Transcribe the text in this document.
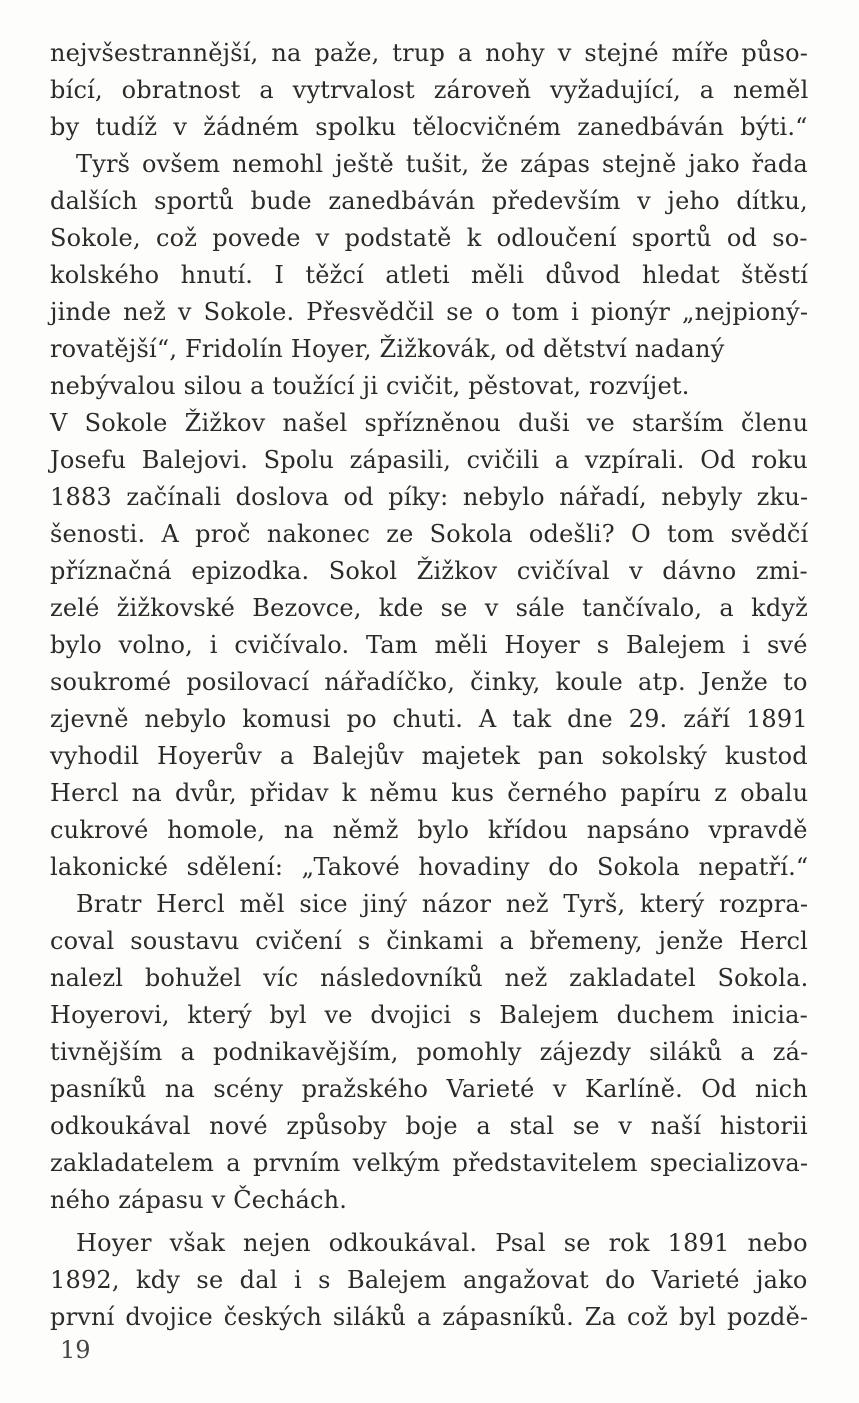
nejvšestrannější, na paže, trup a nohy v stejné míře půso-
bící, obratnost a vytrvalost zároveň vyžadující, a neměl
by tudíž v žádném spolku tělocvičném zanedbáván býti.“
Tyrš ovšem nemohl ještě tušit, že zápas stejně jako řada
dalších sportů bude zanedbáván především v jeho dítku,
Sokole, což povede v podstatě k odloučení sportů od so-
kolského hnutí. I těžcí atleti měli důvod hledat štěstí
jinde než v Sokole. Přesvědčil se o tom i pionýr „nejpioný-
rovatější“, Fridolín Hoyer, Žižkovák, od dětství nadaný
nebývalou silou a toužící ji cvičit, pěstovat, rozvíjet.
V Sokole Žižkov našel spřízněnou duši ve starším členu
Josefu Balejovi. Spolu zápasili, cvičili a vzpírali. Od roku
1883 začínali doslova od píky: nebylo nářadí, nebyly zku-
šenosti. A proč nakonec ze Sokola odešli? O tom svědčí
příznačná epizodka. Sokol Žižkov cvičíval v dávno zmi-
zelé žižkovské Bezovce, kde se v sále tančívalo, a když
bylo volno, i cvičívalo. Tam měli Hoyer s Balejem i své
soukromé posilovací nářadíčko, činky, koule atp. Jenže to
zjevně nebylo komusi po chuti. A tak dne 29. září 1891
vyhodil Hoyerův a Balejův majetek pan sokolský kustod
Hercl na dvůr, přidav k němu kus černého papíru z obalu
cukrové homole, na němž bylo křídou napsáno vpravdě
lakonické sdělení: „Takové hovadiny do Sokola nepatří.“
Bratr Hercl měl sice jiný názor než Tyrš, který rozpra-
coval soustavu cvičení s činkami a břemeny, jenže Hercl
nalezl bohužel víc následovníků než zakladatel Sokola.
Hoyerovi, který byl ve dvojici s Balejem duchem inicia-
tivnějším a podnikavějším, pomohly zájezdy siláků a zá-
pasníků na scény pražského Varieté v Karlíně. Od nich
odkoukával nové způsoby boje a stal se v naší historii
zakladatelem a prvním velkým představitelem specializova-
ného zápasu v Čechách.
Hoyer však nejen odkoukával. Psal se rok 1891 nebo
1892, kdy se dal i s Balejem angažovat do Varieté jako
první dvojice českých siláků a zápasníků. Za což byl pozdě-
19
